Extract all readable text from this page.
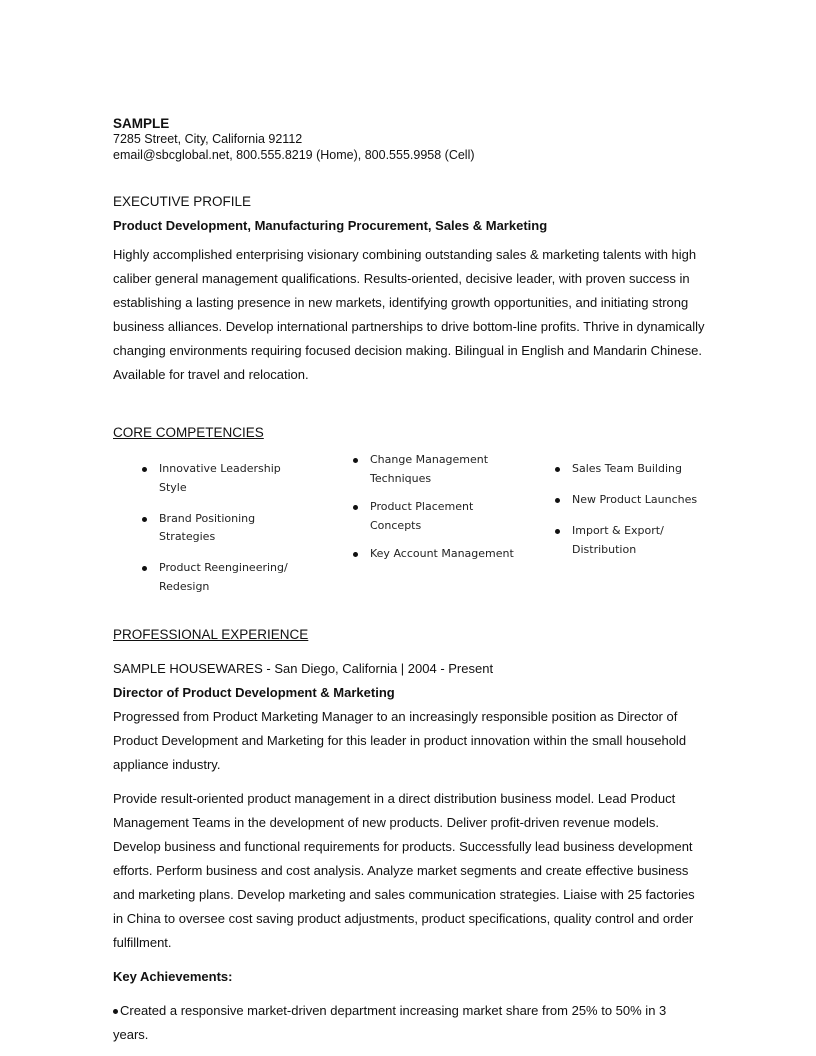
SAMPLE
7285 Street, City, California 92112
email@sbcglobal.net, 800.555.8219 (Home), 800.555.9958 (Cell)
EXECUTIVE PROFILE
Product Development, Manufacturing Procurement, Sales & Marketing

Highly accomplished enterprising visionary combining outstanding sales & marketing talents with high caliber general management qualifications. Results-oriented, decisive leader, with proven success in establishing a lasting presence in new markets, identifying growth opportunities, and initiating strong business alliances. Develop international partnerships to drive bottom-line profits. Thrive in dynamically changing environments requiring focused decision making. Bilingual in English and Mandarin Chinese. Available for travel and relocation.

CORE COMPETENCIES
Innovative Leadership Style
Brand Positioning Strategies
Product Reengineering/ Redesign
Change Management Techniques
Product Placement Concepts
Key Account Management
Sales Team Building
New Product Launches
Import & Export/ Distribution
PROFESSIONAL EXPERIENCE
SAMPLE HOUSEWARES - San Diego, California | 2004 - Present
Director of Product Development & Marketing

Progressed from Product Marketing Manager to an increasingly responsible position as Director of Product Development and Marketing for this leader in product innovation within the small household appliance industry.

Provide result-oriented product management in a direct distribution business model. Lead Product Management Teams in the development of new products. Deliver profit-driven revenue models. Develop business and functional requirements for products. Successfully lead business development efforts. Perform business and cost analysis. Analyze market segments and create effective business and marketing plans. Develop marketing and sales communication strategies. Liaise with 25 factories in China to oversee cost saving product adjustments, product specifications, quality control and order fulfillment.

Key Achievements:
Created a responsive market-driven department increasing market share from 25% to 50% in 3 years.
